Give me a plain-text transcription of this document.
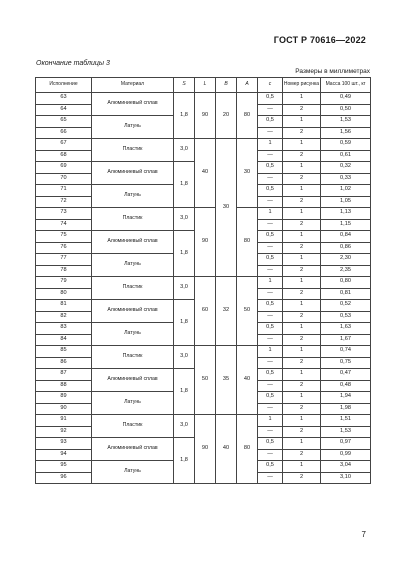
ГОСТ Р 70616—2022
Окончание таблицы 3
Размеры в миллиметрах
Исполнение	Материал	S	L	B	A	c	Номер рисунка	Масса 100 шт., кг
63	Алюминиевый сплав	1,8	90	20	80	0,5	1	0,49
64						—	2	0,50
65	Латунь					0,5	1	1,53
66						—	2	1,56
67	Пластик	3,0	40	30	30	1	1	0,59
68						—	2	0,61
69	Алюминиевый сплав	1,8				0,5	1	0,32
70						—	2	0,33
71	Латунь					0,5	1	1,02
72						—	2	1,05
73	Пластик	3,0	90		80	1	1	1,13
74						—	2	1,15
75	Алюминиевый сплав	1,8				0,5	1	0,84
76						—	2	0,86
77	Латунь					0,5	1	2,30
78						—	2	2,35
79	Пластик	3,0	60	32	50	1	1	0,80
80						—	2	0,81
81	Алюминиевый сплав	1,8				0,5	1	0,52
82						—	2	0,53
83	Латунь					0,5	1	1,63
84						—	2	1,67
85	Пластик	3,0	50	35	40	1	1	0,74
86						—	2	0,75
87	Алюминиевый сплав	1,8				0,5	1	0,47
88						—	2	0,48
89	Латунь					0,5	1	1,94
90						—	2	1,98
91	Пластик	3,0	90	40	80	1	1	1,51
92						—	2	1,53
93	Алюминиевый сплав	1,8				0,5	1	0,97
94						—	2	0,99
95	Латунь					0,5	1	3,04
96						—	2	3,10
7
